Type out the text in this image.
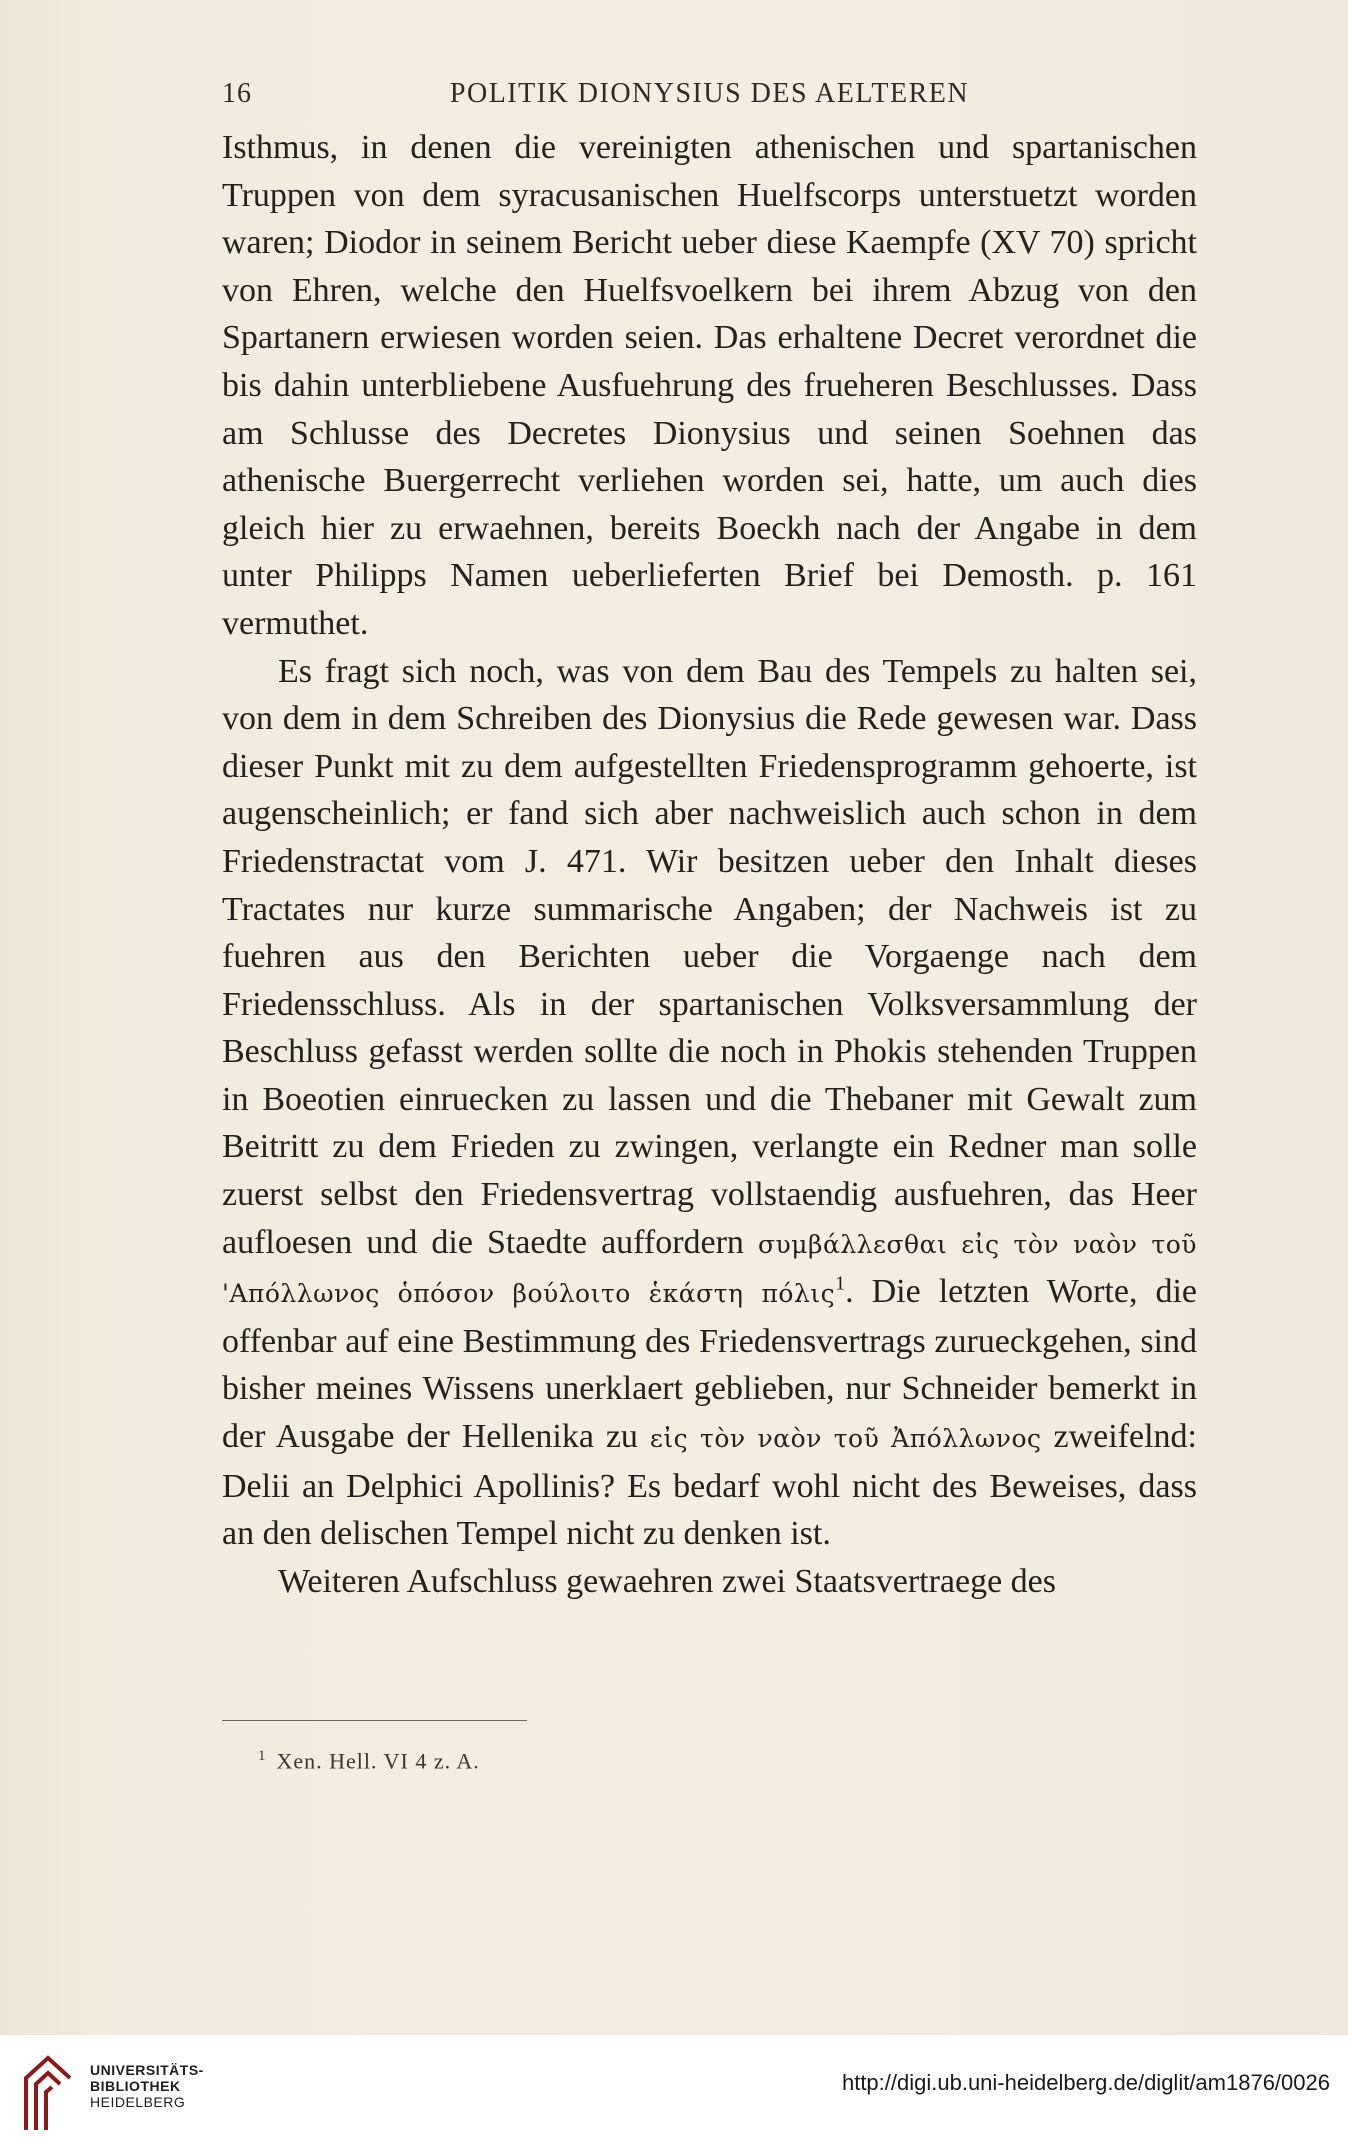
16	POLITIK DIONYSIUS DES AELTEREN

Isthmus, in denen die vereinigten athenischen und spartanischen Truppen von dem syracusanischen Huelfscorps unterstuetzt worden waren; Diodor in seinem Bericht ueber diese Kaempfe (XV 70) spricht von Ehren, welche den Huelfsvoelkern bei ihrem Abzug von den Spartanern erwiesen worden seien. Das erhaltene Decret verordnet die bis dahin unterbliebene Ausfuehrung des frueheren Beschlusses. Dass am Schlusse des Decretes Dionysius und seinen Soehnen das athenische Buergerrecht verliehen worden sei, hatte, um auch dies gleich hier zu erwaehnen, bereits Boeckh nach der Angabe in dem unter Philipps Namen ueberlieferten Brief bei Demosth. p. 161 vermuthet.

Es fragt sich noch, was von dem Bau des Tempels zu halten sei, von dem in dem Schreiben des Dionysius die Rede gewesen war. Dass dieser Punkt mit zu dem aufgestellten Friedensprogramm gehoerte, ist augenscheinlich; er fand sich aber nachweislich auch schon in dem Friedenstractat vom J. 471. Wir besitzen ueber den Inhalt dieses Tractates nur kurze summarische Angaben; der Nachweis ist zu fuehren aus den Berichten ueber die Vorgaenge nach dem Friedensschluss. Als in der spartanischen Volksversammlung der Beschluss gefasst werden sollte die noch in Phokis stehenden Truppen in Boeotien einruecken zu lassen und die Thebaner mit Gewalt zum Beitritt zu dem Frieden zu zwingen, verlangte ein Redner man solle zuerst selbst den Friedensvertrag vollstaendig ausfuehren, das Heer aufloesen und die Staedte auffordern συμβάλλεσθαι εἰς τὸν ναὸν τοῦ 'Απόλλωνος ὁπόσον βούλοιτο ἑκάστη πόλις$^1$. Die letzten Worte, die offenbar auf eine Bestimmung des Friedensvertrags zurueckgehen, sind bisher meines Wissens unerklaert geblieben, nur Schneider bemerkt in der Ausgabe der Hellenika zu εἰς τὸν ναὸν τοῦ Ἀπόλλωνος zweifelnd: Delii an Delphici Apollinis? Es bedarf wohl nicht des Beweises, dass an den delischen Tempel nicht zu denken ist.

Weiteren Aufschluss gewaehren zwei Staatsvertraege des

$^1$ Xen. Hell. VI 4 z. A.
UNIVERSITÄTS-
BIBLIOTHEK
HEIDELBERG
http://digi.ub.uni-heidelberg.de/diglit/am1876/0026
